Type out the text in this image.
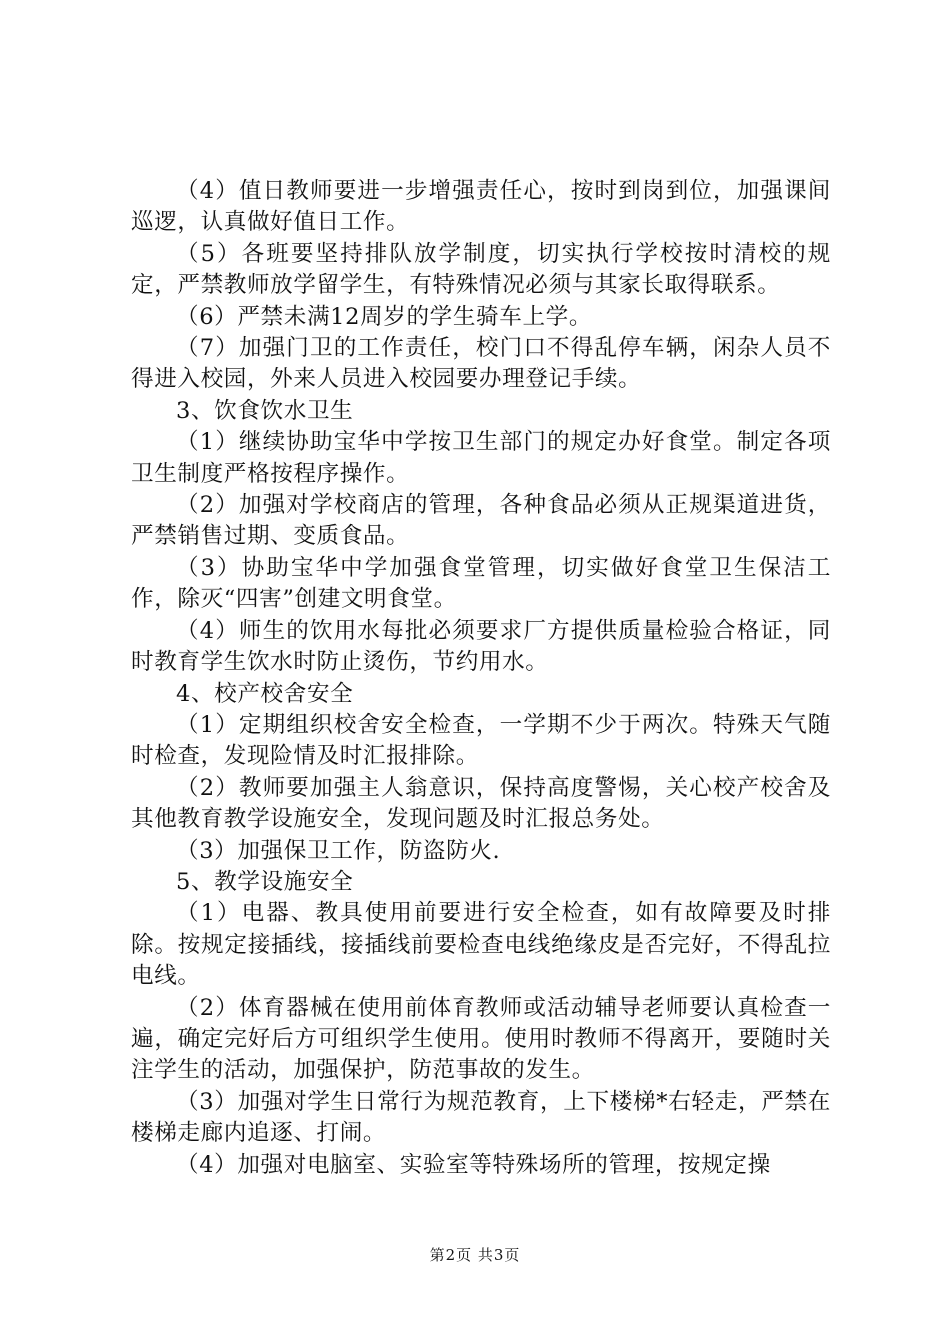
（4）值日教师要进一步增强责任心，按时到岗到位，加强课间巡逻，认真做好值日工作。

（5）各班要坚持排队放学制度，切实执行学校按时清校的规定，严禁教师放学留学生，有特殊情况必须与其家长取得联系。

（6）严禁未满12周岁的学生骑车上学。

（7）加强门卫的工作责任，校门口不得乱停车辆，闲杂人员不得进入校园，外来人员进入校园要办理登记手续。

3、饮食饮水卫生

（1）继续协助宝华中学按卫生部门的规定办好食堂。制定各项卫生制度严格按程序操作。

（2）加强对学校商店的管理，各种食品必须从正规渠道进货，严禁销售过期、变质食品。

（3）协助宝华中学加强食堂管理，切实做好食堂卫生保洁工作，除灭“四害”创建文明食堂。

（4）师生的饮用水每批必须要求厂方提供质量检验合格证，同时教育学生饮水时防止烫伤，节约用水。

4、校产校舍安全

（1）定期组织校舍安全检查，一学期不少于两次。特殊天气随时检查，发现险情及时汇报排除。

（2）教师要加强主人翁意识，保持高度警惕，关心校产校舍及其他教育教学设施安全，发现问题及时汇报总务处。

（3）加强保卫工作，防盗防火.

5、教学设施安全

（1）电器、教具使用前要进行安全检查，如有故障要及时排除。按规定接插线，接插线前要检查电线绝缘皮是否完好，不得乱拉电线。

（2）体育器械在使用前体育教师或活动辅导老师要认真检查一遍，确定完好后方可组织学生使用。使用时教师不得离开，要随时关注学生的活动，加强保护，防范事故的发生。

（3）加强对学生日常行为规范教育，上下楼梯*右轻走，严禁在楼梯走廊内追逐、打闹。

（4）加强对电脑室、实验室等特殊场所的管理，按规定操

第2页 共3页
